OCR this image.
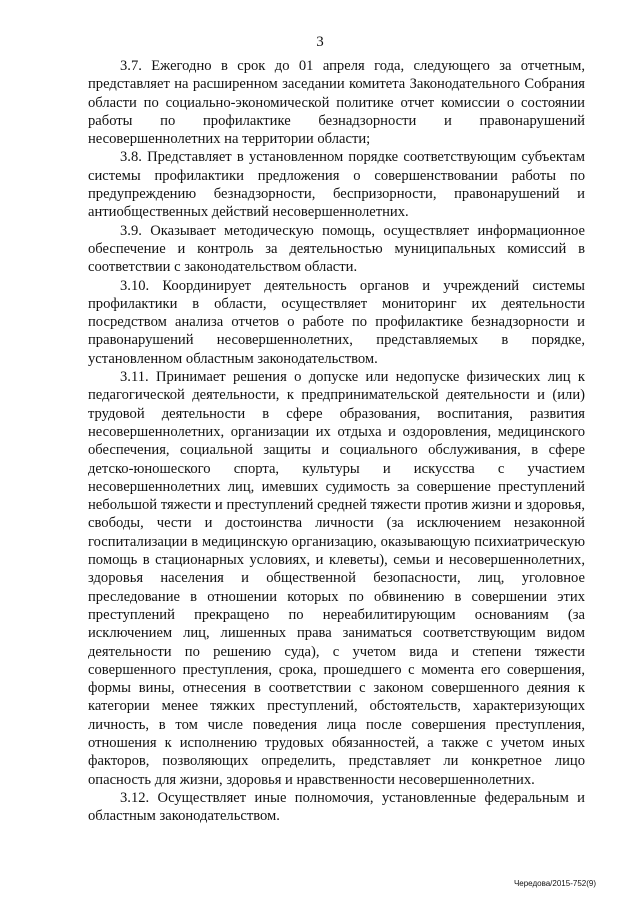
3

3.7. Ежегодно в срок до 01 апреля года, следующего за отчетным, представляет на расширенном заседании комитета Законодательного Собрания области по социально-экономической политике отчет комиссии о состоянии работы по профилактике безнадзорности и правонарушений несовершеннолетних на территории области;

3.8. Представляет в установленном порядке соответствующим субъектам системы профилактики предложения о совершенствовании работы по предупреждению безнадзорности, беспризорности, правонарушений и антиобщественных действий несовершеннолетних.

3.9. Оказывает методическую помощь, осуществляет информационное обеспечение и контроль за деятельностью муниципальных комиссий в соответствии с законодательством области.

3.10. Координирует деятельность органов и учреждений системы профилактики в области, осуществляет мониторинг их деятельности посредством анализа отчетов о работе по профилактике безнадзорности и правонарушений несовершеннолетних, представляемых в порядке, установленном областным законодательством.

3.11. Принимает решения о допуске или недопуске физических лиц к педагогической деятельности, к предпринимательской деятельности и (или) трудовой деятельности в сфере образования, воспитания, развития несовершеннолетних, организации их отдыха и оздоровления, медицинского обеспечения, социальной защиты и социального обслуживания, в сфере детско-юношеского спорта, культуры и искусства с участием несовершеннолетних лиц, имевших судимость за совершение преступлений небольшой тяжести и преступлений средней тяжести против жизни и здоровья, свободы, чести и достоинства личности (за исключением незаконной госпитализации в медицинскую организацию, оказывающую психиатрическую помощь в стационарных условиях, и клеветы), семьи и несовершеннолетних, здоровья населения и общественной безопасности, лиц, уголовное преследование в отношении которых по обвинению в совершении этих преступлений прекращено по нереабилитирующим основаниям (за исключением лиц, лишенных права заниматься соответствующим видом деятельности по решению суда), с учетом вида и степени тяжести совершенного преступления, срока, прошедшего с момента его совершения, формы вины, отнесения в соответствии с законом совершенного деяния к категории менее тяжких преступлений, обстоятельств, характеризующих личность, в том числе поведения лица после совершения преступления, отношения к исполнению трудовых обязанностей, а также с учетом иных факторов, позволяющих определить, представляет ли конкретное лицо опасность для жизни, здоровья и нравственности несовершеннолетних.

3.12. Осуществляет иные полномочия, установленные федеральным и областным законодательством.

Чередова/2015-752(9)
